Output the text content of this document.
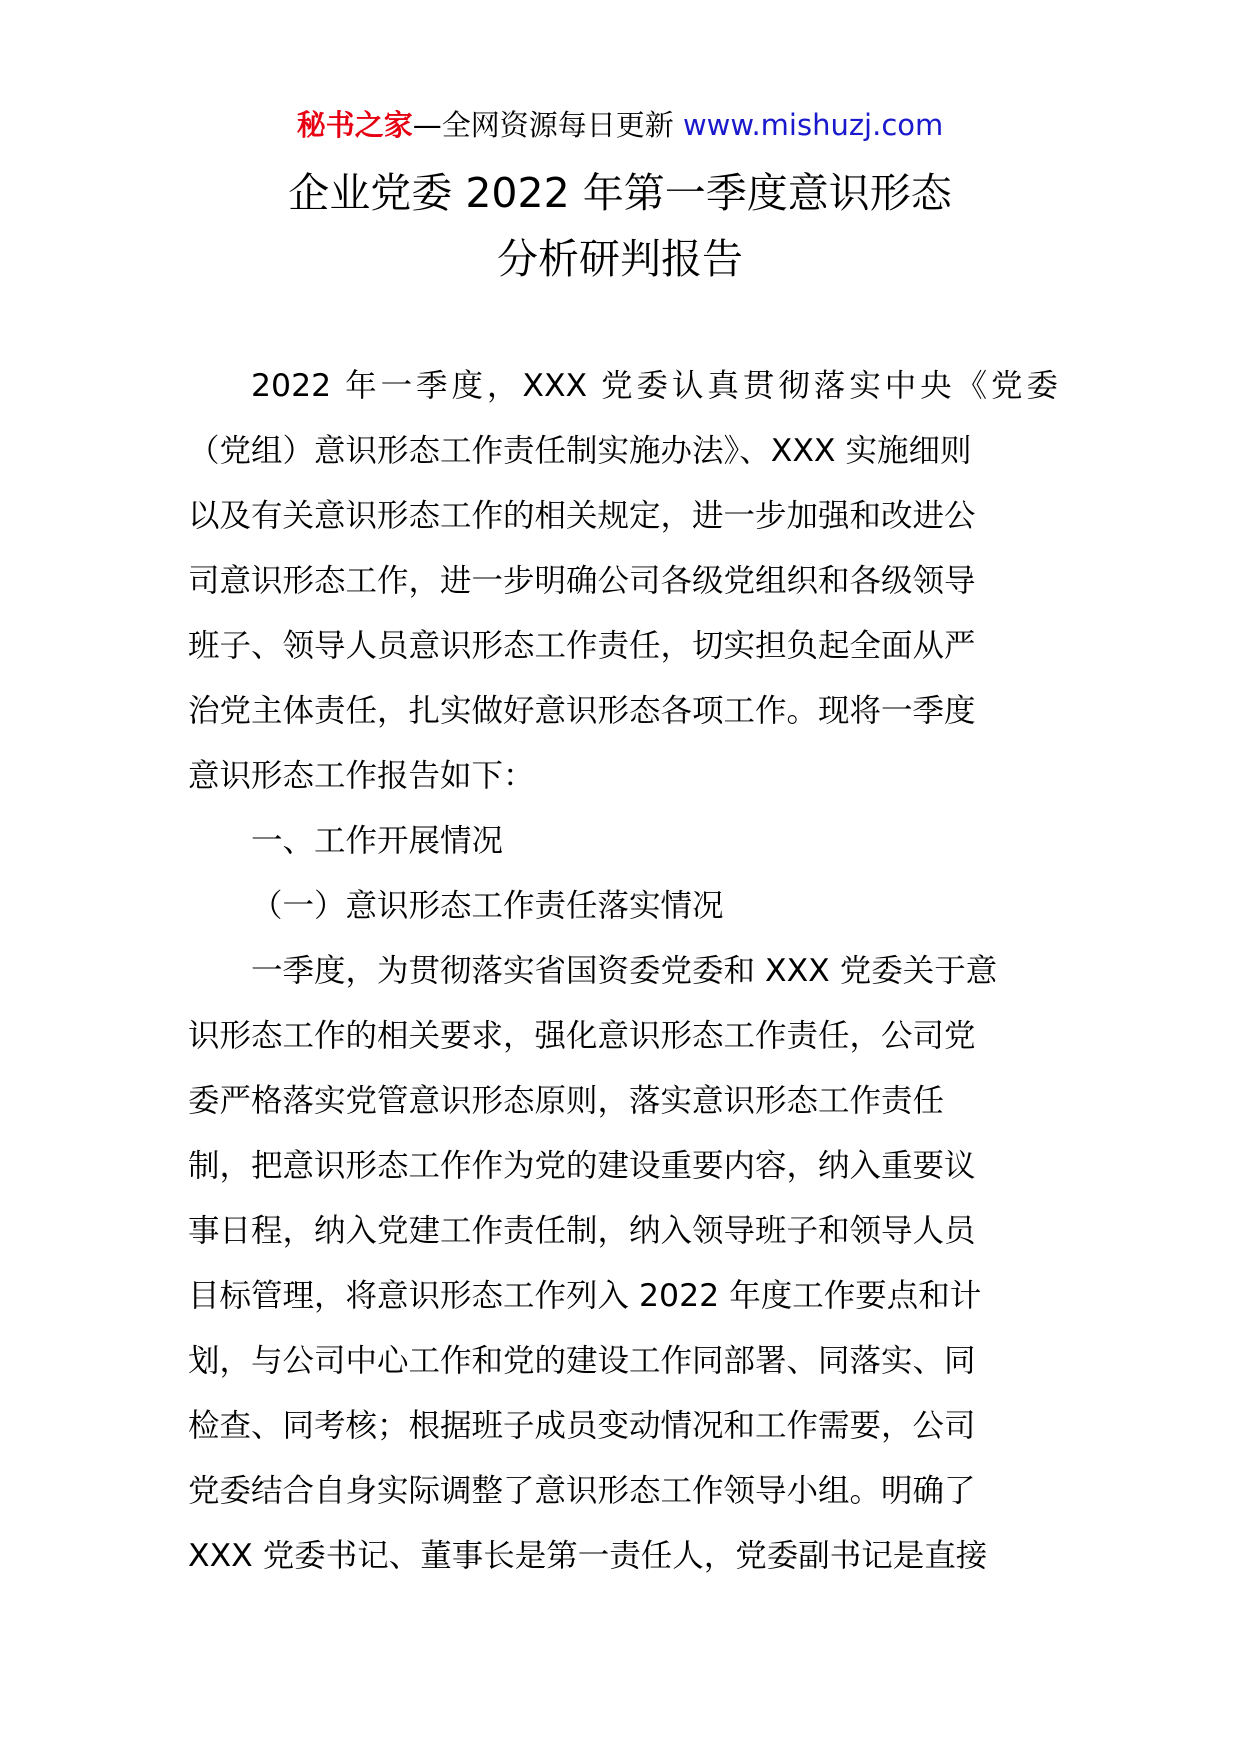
秘书之家—全网资源每日更新 www.mishuzj.com
企业党委 2022 年第一季度意识形态
分析研判报告

2022 年一季度，XXX 党委认真贯彻落实中央《党委

（党组）意识形态工作责任制实施办法》、XXX 实施细则
以及有关意识形态工作的相关规定，进一步加强和改进公
司意识形态工作，进一步明确公司各级党组织和各级领导
班子、领导人员意识形态工作责任，切实担负起全面从严
治党主体责任，扎实做好意识形态各项工作。现将一季度
意识形态工作报告如下：

一、工作开展情况

（一）意识形态工作责任落实情况

一季度，为贯彻落实省国资委党委和 XXX 党委关于意

识形态工作的相关要求，强化意识形态工作责任，公司党
委严格落实党管意识形态原则，落实意识形态工作责任
制，把意识形态工作作为党的建设重要内容，纳入重要议
事日程，纳入党建工作责任制，纳入领导班子和领导人员
目标管理，将意识形态工作列入 2022 年度工作要点和计
划，与公司中心工作和党的建设工作同部署、同落实、同
检查、同考核；根据班子成员变动情况和工作需要，公司
党委结合自身实际调整了意识形态工作领导小组。明确了
XXX 党委书记、董事长是第一责任人，党委副书记是直接
